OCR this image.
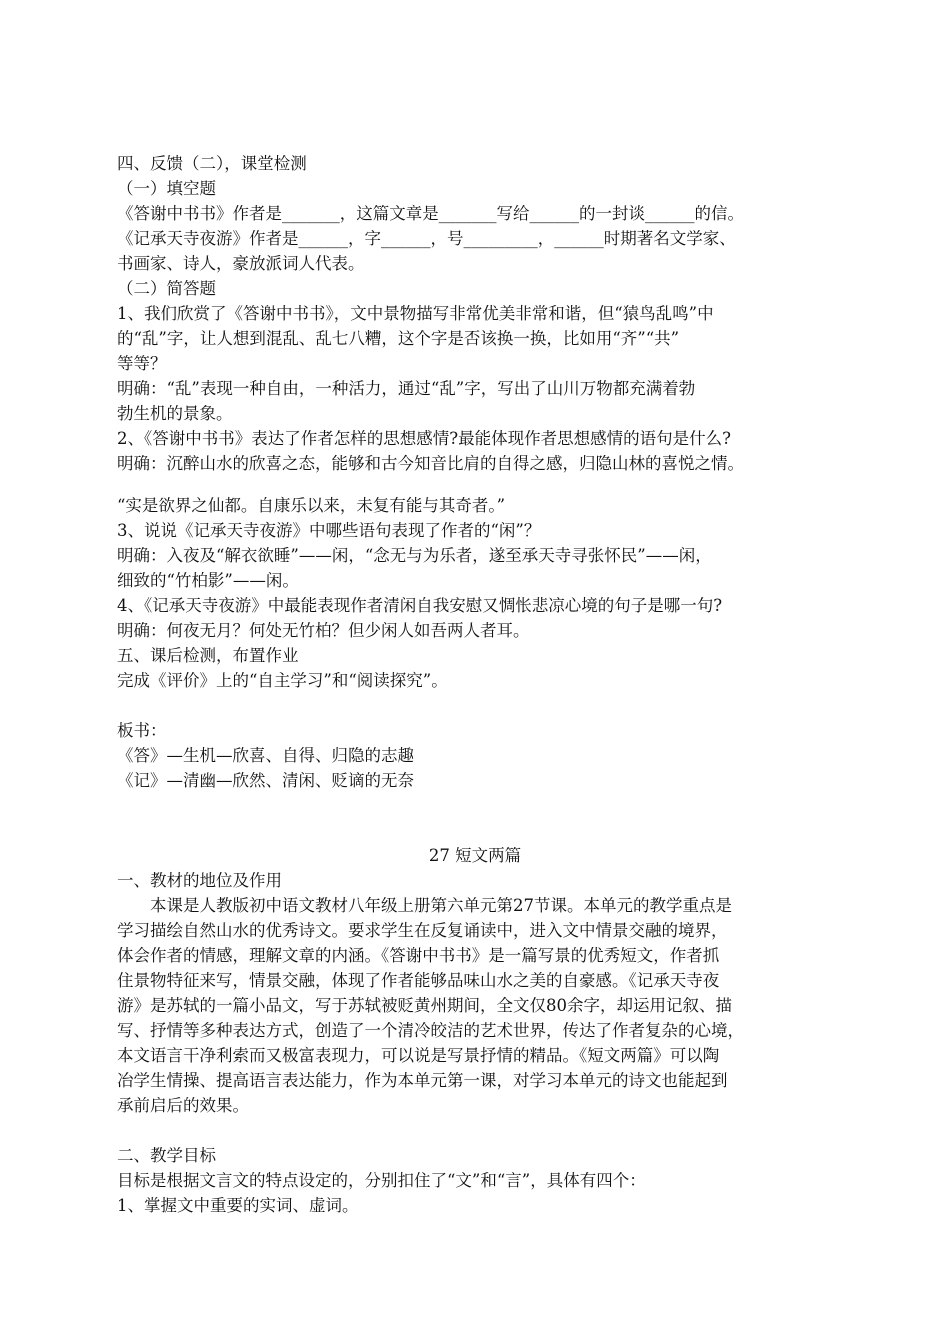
四、反馈（二），课堂检测
（一）填空题
《答谢中书书》作者是_______，这篇文章是_______写给______的一封谈______的信。
《记承天寺夜游》作者是______，字______，号_________，______时期著名文学家、
书画家、诗人，豪放派词人代表。
（二）简答题
1、我们欣赏了《答谢中书书》，文中景物描写非常优美非常和谐，但“猿鸟乱鸣”中
的“乱”字，让人想到混乱、乱七八糟，这个字是否该换一换，比如用“齐”“共”
等等？
明确：“乱”表现一种自由，一种活力，通过“乱”字，写出了山川万物都充满着勃
勃生机的景象。
2、《答谢中书书》表达了作者怎样的思想感情?最能体现作者思想感情的语句是什么?
明确：沉醉山水的欣喜之态，能够和古今知音比肩的自得之感，归隐山林的喜悦之情。
“实是欲界之仙都。自康乐以来，未复有能与其奇者。”
3、说说《记承天寺夜游》中哪些语句表现了作者的“闲”？
明确：入夜及“解衣欲睡”——闲，“念无与为乐者，遂至承天寺寻张怀民”——闲，
细致的“竹柏影”——闲。
4、《记承天寺夜游》中最能表现作者清闲自我安慰又惆怅悲凉心境的句子是哪一句?
明确：何夜无月？何处无竹柏？但少闲人如吾两人者耳。
五、课后检测，布置作业
完成《评价》上的“自主学习”和“阅读探究”。
板书：
《答》—生机—欣喜、自得、归隐的志趣
《记》—清幽—欣然、清闲、贬谪的无奈
27 短文两篇
一、教材的地位及作用
本课是人教版初中语文教材八年级上册第六单元第27节课。本单元的教学重点是
学习描绘自然山水的优秀诗文。要求学生在反复诵读中，进入文中情景交融的境界，
体会作者的情感，理解文章的内涵。《答谢中书书》是一篇写景的优秀短文，作者抓
住景物特征来写，情景交融，体现了作者能够品味山水之美的自豪感。《记承天寺夜
游》是苏轼的一篇小品文，写于苏轼被贬黄州期间，全文仅80余字，却运用记叙、描
写、抒情等多种表达方式，创造了一个清冷皎洁的艺术世界，传达了作者复杂的心境，
本文语言干净利索而又极富表现力，可以说是写景抒情的精品。《短文两篇》可以陶
冶学生情操、提高语言表达能力，作为本单元第一课，对学习本单元的诗文也能起到
承前启后的效果。
二、教学目标
目标是根据文言文的特点设定的，分别扣住了“文”和“言”，具体有四个：
1、掌握文中重要的实词、虚词。
